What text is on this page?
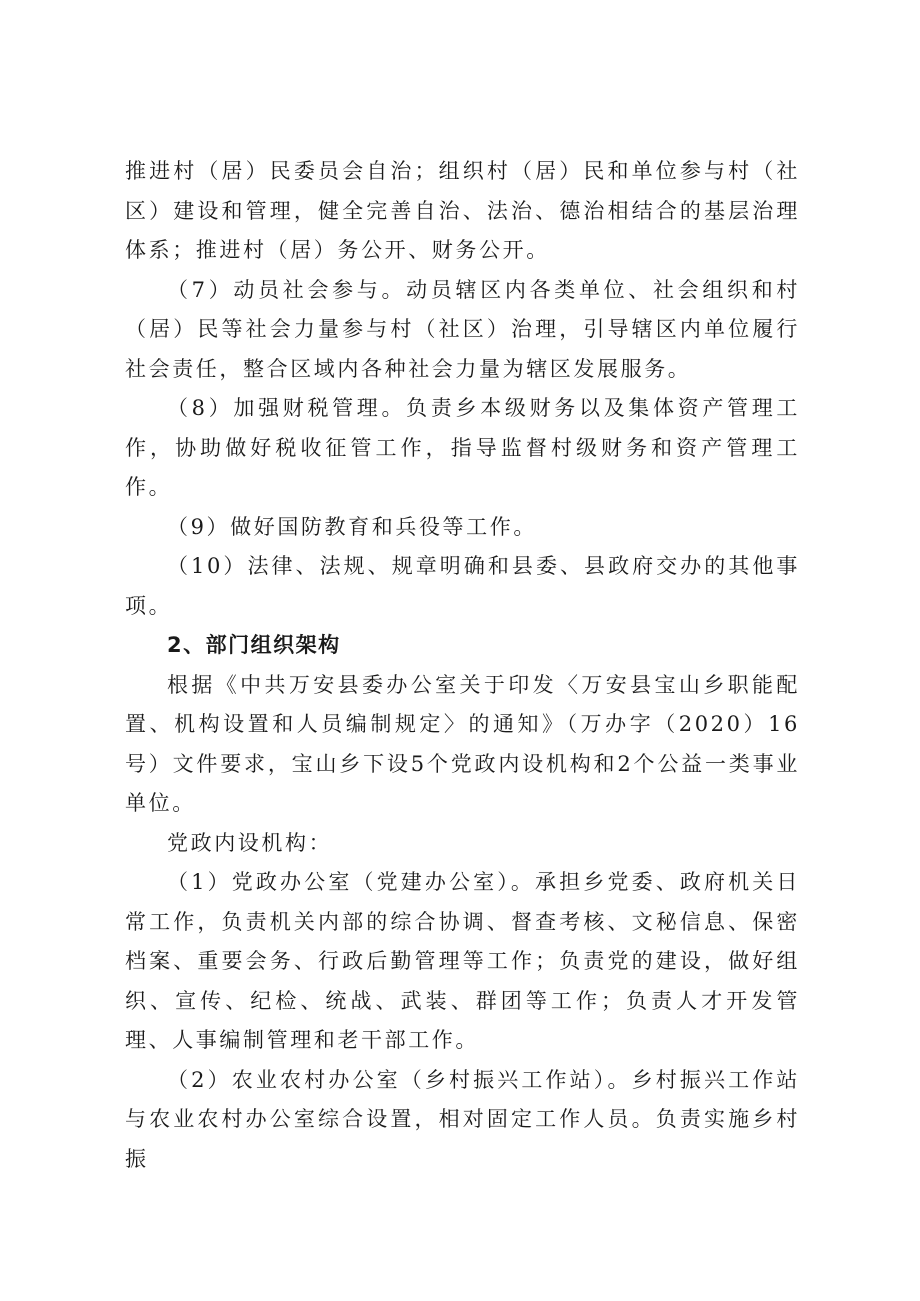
推进村（居）民委员会自治；组织村（居）民和单位参与村（社区）建设和管理，健全完善自治、法治、德治相结合的基层治理体系；推进村（居）务公开、财务公开。

（7）动员社会参与。动员辖区内各类单位、社会组织和村（居）民等社会力量参与村（社区）治理，引导辖区内单位履行社会责任，整合区域内各种社会力量为辖区发展服务。

（8）加强财税管理。负责乡本级财务以及集体资产管理工作，协助做好税收征管工作，指导监督村级财务和资产管理工作。

（9）做好国防教育和兵役等工作。

（10）法律、法规、规章明确和县委、县政府交办的其他事项。

2、部门组织架构

根据《中共万安县委办公室关于印发〈万安县宝山乡职能配置、机构设置和人员编制规定〉的通知》（万办字（2020）16号）文件要求，宝山乡下设5个党政内设机构和2个公益一类事业单位。

党政内设机构：

（1）党政办公室（党建办公室）。承担乡党委、政府机关日常工作，负责机关内部的综合协调、督查考核、文秘信息、保密档案、重要会务、行政后勤管理等工作；负责党的建设，做好组织、宣传、纪检、统战、武装、群团等工作；负责人才开发管理、人事编制管理和老干部工作。

（2）农业农村办公室（乡村振兴工作站）。乡村振兴工作站与农业农村办公室综合设置，相对固定工作人员。负责实施乡村振
